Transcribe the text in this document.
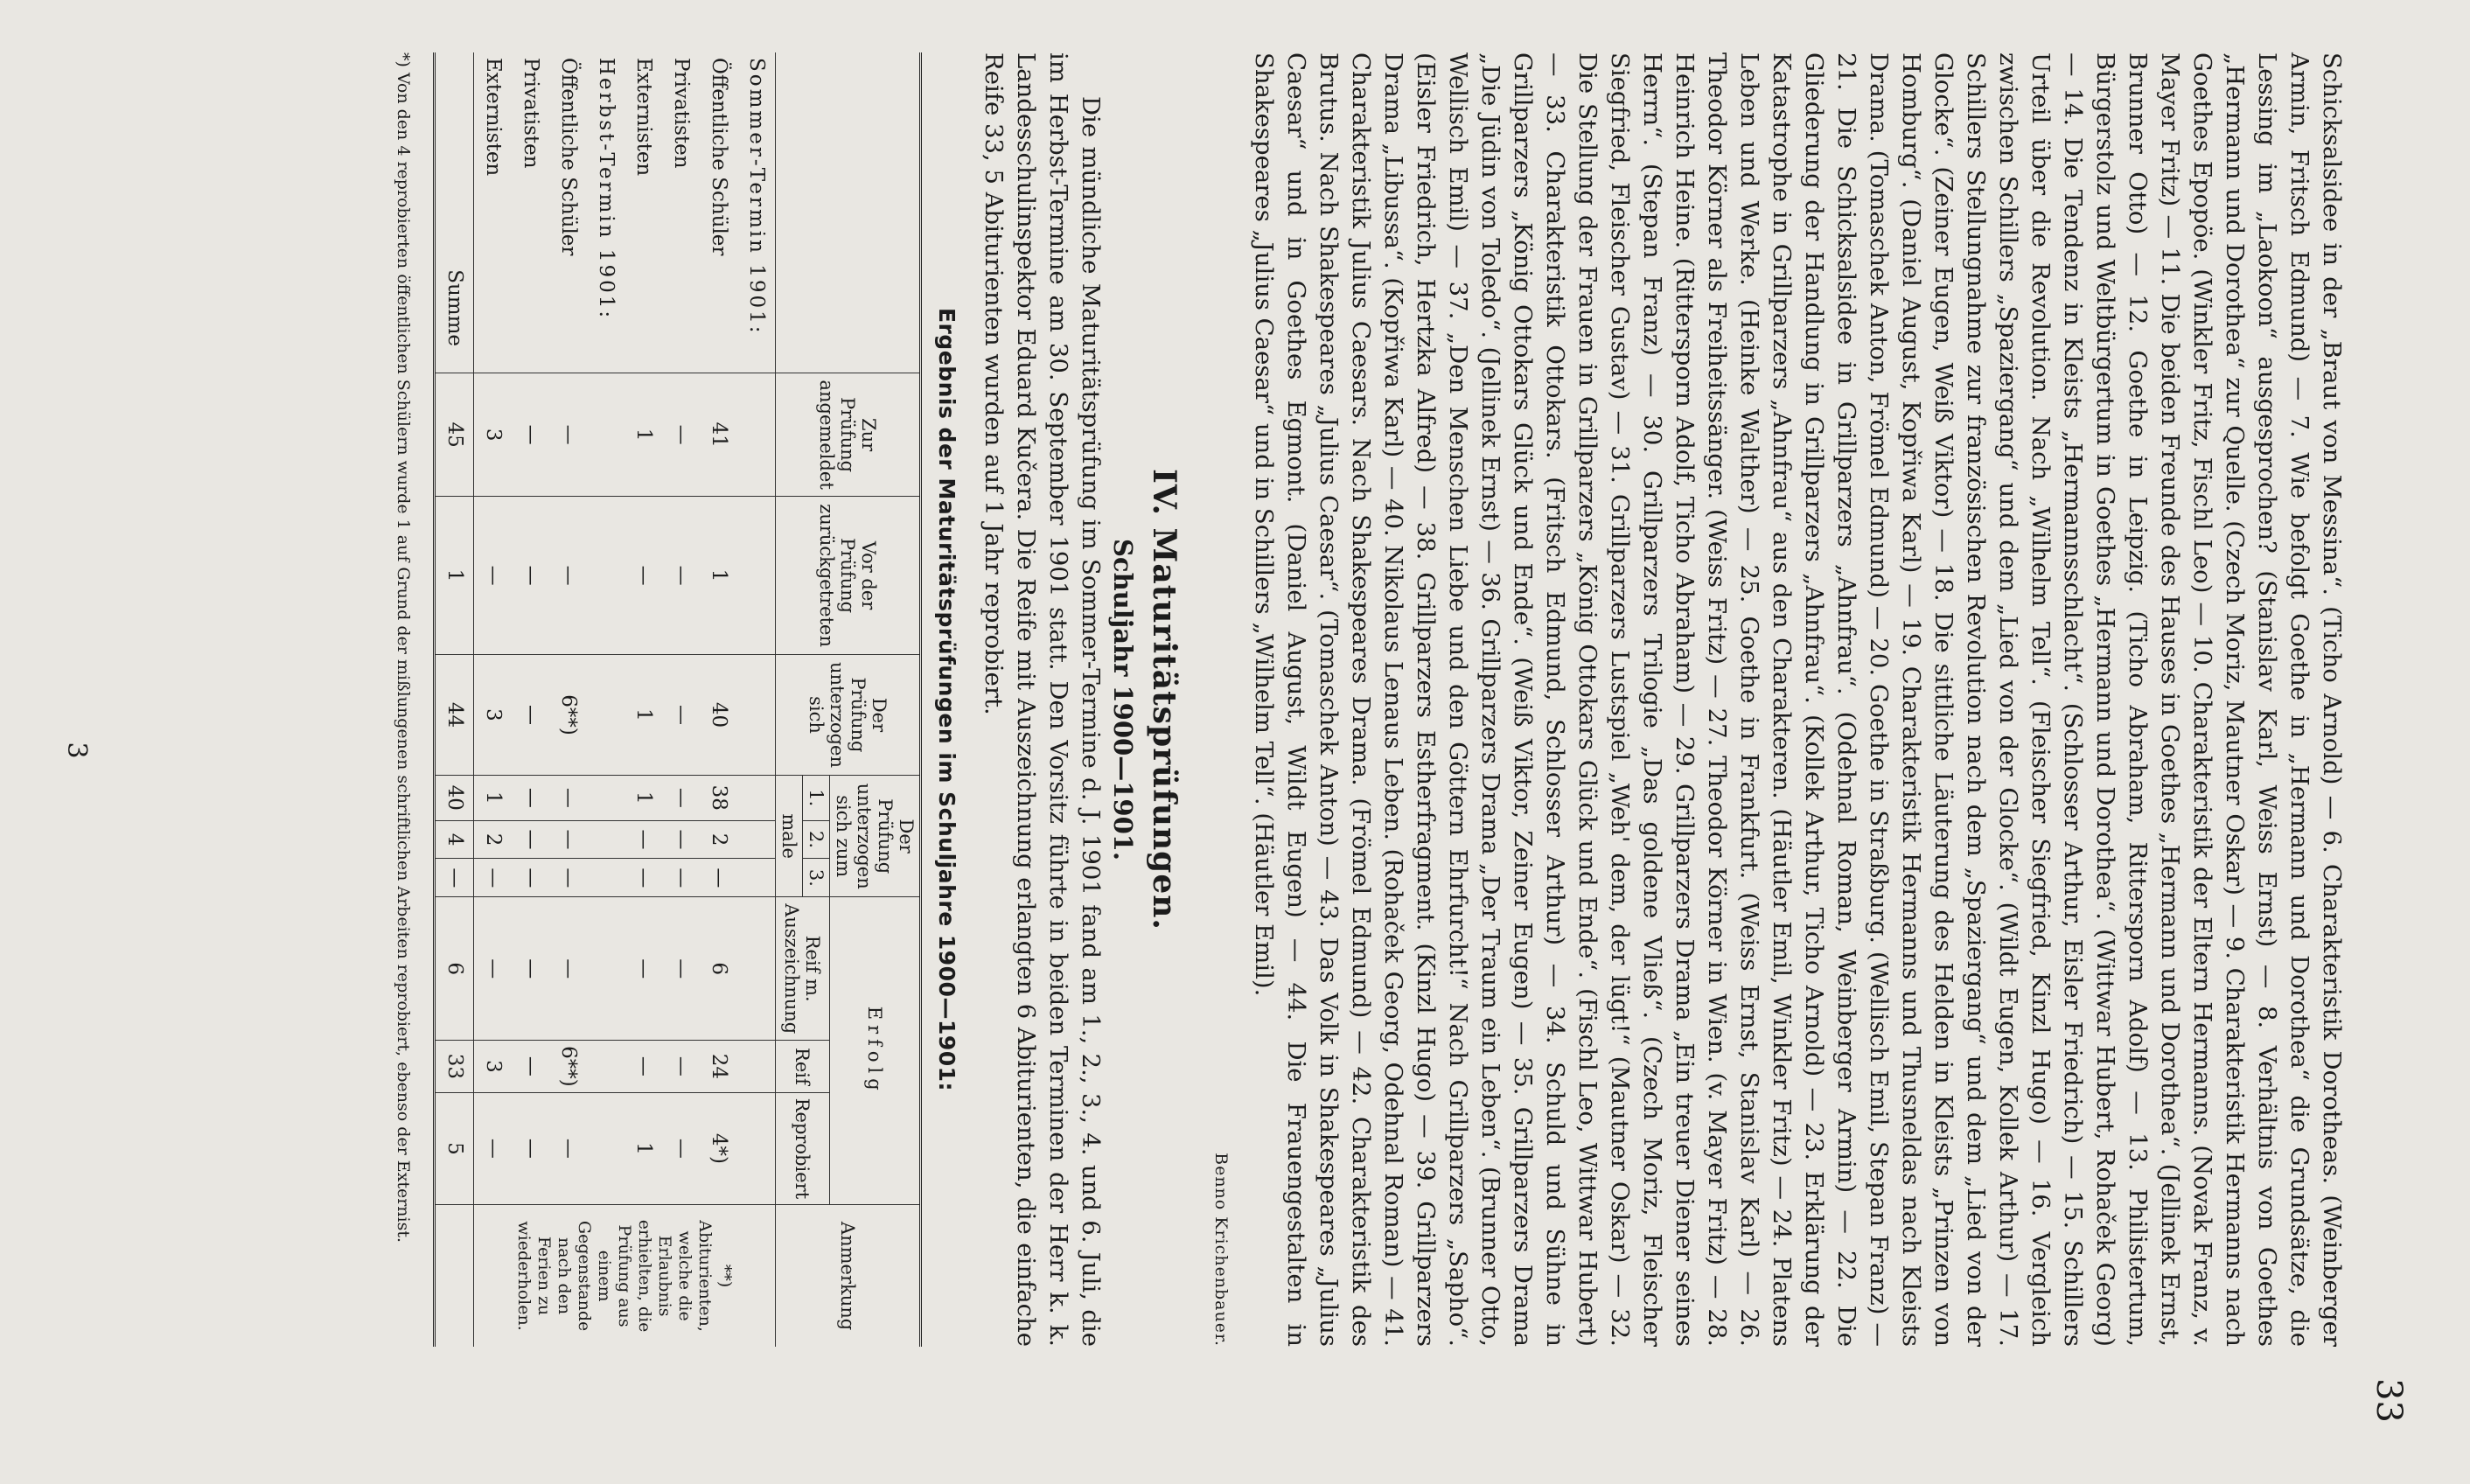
33

Schicksalsidee in der „Braut von Messina“. (Ticho Arnold) — 6. Charakteristik Dorotheas. (Weinberger Armin, Fritsch Edmund) — 7. Wie befolgt Goethe in „Hermann und Dorothea“ die Grundsätze, die Lessing im „Laokoon“ ausgesprochen? (Stanislav Karl, Weiss Ernst) — 8. Verhältnis von Goethes „Hermann und Dorothea“ zur Quelle. (Czech Moriz, Mautner Oskar) — 9. Charakteristik Hermanns nach Goethes Epopöe. (Winkler Fritz, Fischl Leo) — 10. Charakteristik der Eltern Hermanns. (Novak Franz, v. Mayer Fritz) — 11. Die beiden Freunde des Hauses in Goethes „Hermann und Dorothea“. (Jellinek Ernst, Brunner Otto) — 12. Goethe in Leipzig. (Ticho Abraham, Rittersporn Adolf) — 13. Philistertum, Bürgerstolz und Weltbürgertum in Goethes „Hermann und Dorothea“. (Wittwar Hubert, Rohaček Georg) — 14. Die Tendenz in Kleists „Hermannsschlacht“. (Schlosser Arthur, Eisler Friedrich) — 15. Schillers Urteil über die Revolution. Nach „Wilhelm Tell“. (Fleischer Siegfried, Kinzl Hugo) — 16. Vergleich zwischen Schillers „Spaziergang“ und dem „Lied von der Glocke“. (Wildt Eugen, Kollek Arthur) — 17. Schillers Stellungnahme zur französischen Revolution nach dem „Spaziergang“ und dem „Lied von der Glocke“. (Zeiner Eugen, Weiß Viktor) — 18. Die sittliche Läuterung des Helden in Kleists „Prinzen von Homburg“. (Daniel August, Kopřiwa Karl) — 19. Charakteristik Hermanns und Thusneldas nach Kleists Drama. (Tomaschek Anton, Frömel Edmund) — 20. Goethe in Straßburg. (Wellisch Emil, Stepan Franz) — 21. Die Schicksalsidee in Grillparzers „Ahnfrau“. (Odehnal Roman, Weinberger Armin) — 22. Die Gliederung der Handlung in Grillparzers „Ahnfrau“. (Kollek Arthur, Ticho Arnold) — 23. Erklärung der Katastrophe in Grillparzers „Ahnfrau“ aus den Charakteren. (Häutler Emil, Winkler Fritz) — 24. Platens Leben und Werke. (Heinke Walther) — 25. Goethe in Frankfurt. (Weiss Ernst, Stanislav Karl) — 26. Theodor Körner als Freiheitssänger. (Weiss Fritz) — 27. Theodor Körner in Wien. (v. Mayer Fritz) — 28. Heinrich Heine. (Rittersporn Adolf, Ticho Abraham) — 29. Grillparzers Drama „Ein treuer Diener seines Herrn“. (Stepan Franz) — 30. Grillparzers Trilogie „Das goldene Vließ“. (Czech Moriz, Fleischer Siegfried, Fleischer Gustav) — 31. Grillparzers Lustspiel „Weh' dem, der lügt!“ (Mautner Oskar) — 32. Die Stellung der Frauen in Grillparzers „König Ottokars Glück und Ende“. (Fischl Leo, Wittwar Hubert) — 33. Charakteristik Ottokars. (Fritsch Edmund, Schlosser Arthur) — 34. Schuld und Sühne in Grillparzers „König Ottokars Glück und Ende“. (Weiß Viktor, Zeiner Eugen) — 35. Grillparzers Drama „Die Jüdin von Toledo“. (Jellinek Ernst) — 36. Grillparzers Drama „Der Traum ein Leben“. (Brunner Otto, Wellisch Emil) — 37. „Den Menschen Liebe und den Göttern Ehrfurcht!“ Nach Grillparzers „Sapho“. (Eisler Friedrich, Hertzka Alfred) — 38. Grillparzers Estherfragment. (Kinzl Hugo) — 39. Grillparzers Drama „Libussa“. (Kopřiwa Karl) — 40. Nikolaus Lenaus Leben. (Rohaček Georg, Odehnal Roman) — 41. Charakteristik Julius Caesars. Nach Shakespeares Drama. (Frömel Edmund) — 42. Charakteristik des Brutus. Nach Shakespeares „Julius Caesar“. (Tomaschek Anton) — 43. Das Volk in Shakespeares „Julius Caesar“ und in Goethes Egmont. (Daniel August, Wildt Eugen) — 44. Die Frauengestalten in Shakespeares „Julius Caesar“ und in Schillers „Wilhelm Tell“. (Häutler Emil).

Benno Krichenbauer.
IV. Maturitätsprüfungen.
Schuljahr 1900—1901.

Die mündliche Maturitätsprüfung im Sommer-Termine d. J. 1901 fand am 1., 2., 3., 4. und 6. Juli, die im Herbst-Termine am 30. September 1901 statt. Den Vorsitz führte in beiden Terminen der Herr k. k. Landesschulinspektor Eduard Kučera. Die Reife mit Auszeichnung erlangten 6 Abiturienten, die einfache Reife 33, 5 Abiturienten wurden auf 1 Jahr reprobiert.

Ergebnis der Maturitätsprüfungen im Schuljahre 1900—1901:
	Zur Prüfung angemeldet	Vor der Prüfung zurückgetreten	Der Prüfung unterzogen sich	Der Prüfung unterzogen sich zum			Erfolg			Anmerkung
				1.	2.	3.	Reif m. Auszeichnung	Reif	Reprobiert	
				male						
Sommer-Termin 1901:										**) Abiturienten, welche die Erlaubnis erhielten, die Prüfung aus einem Gegenstande nach den Ferien zu wiederholen.
Öffentliche Schüler	41	1	40	38	2	—	6	24	4*)	
Privatisten	—	—	—	—	—	—	—	—	—	
Externisten	1	—	1	1	—	—	—	—	1	
Herbst-Termin 1901:										
Öffentliche Schüler	—	—	6**)	—	—	—	—	6**)	—	
Privatisten	—	—	—	—	—	—	—	—	—	
Externisten	3	—	3	1	2	—	—	3	—	
Summe	45	1	44	40	4	—	6	33	5	
*) Von den 4 reprobierten öffentlichen Schülern wurde 1 auf Grund der mißlungenen schriftlichen Arbeiten reprobiert, ebenso der Externist.
3
